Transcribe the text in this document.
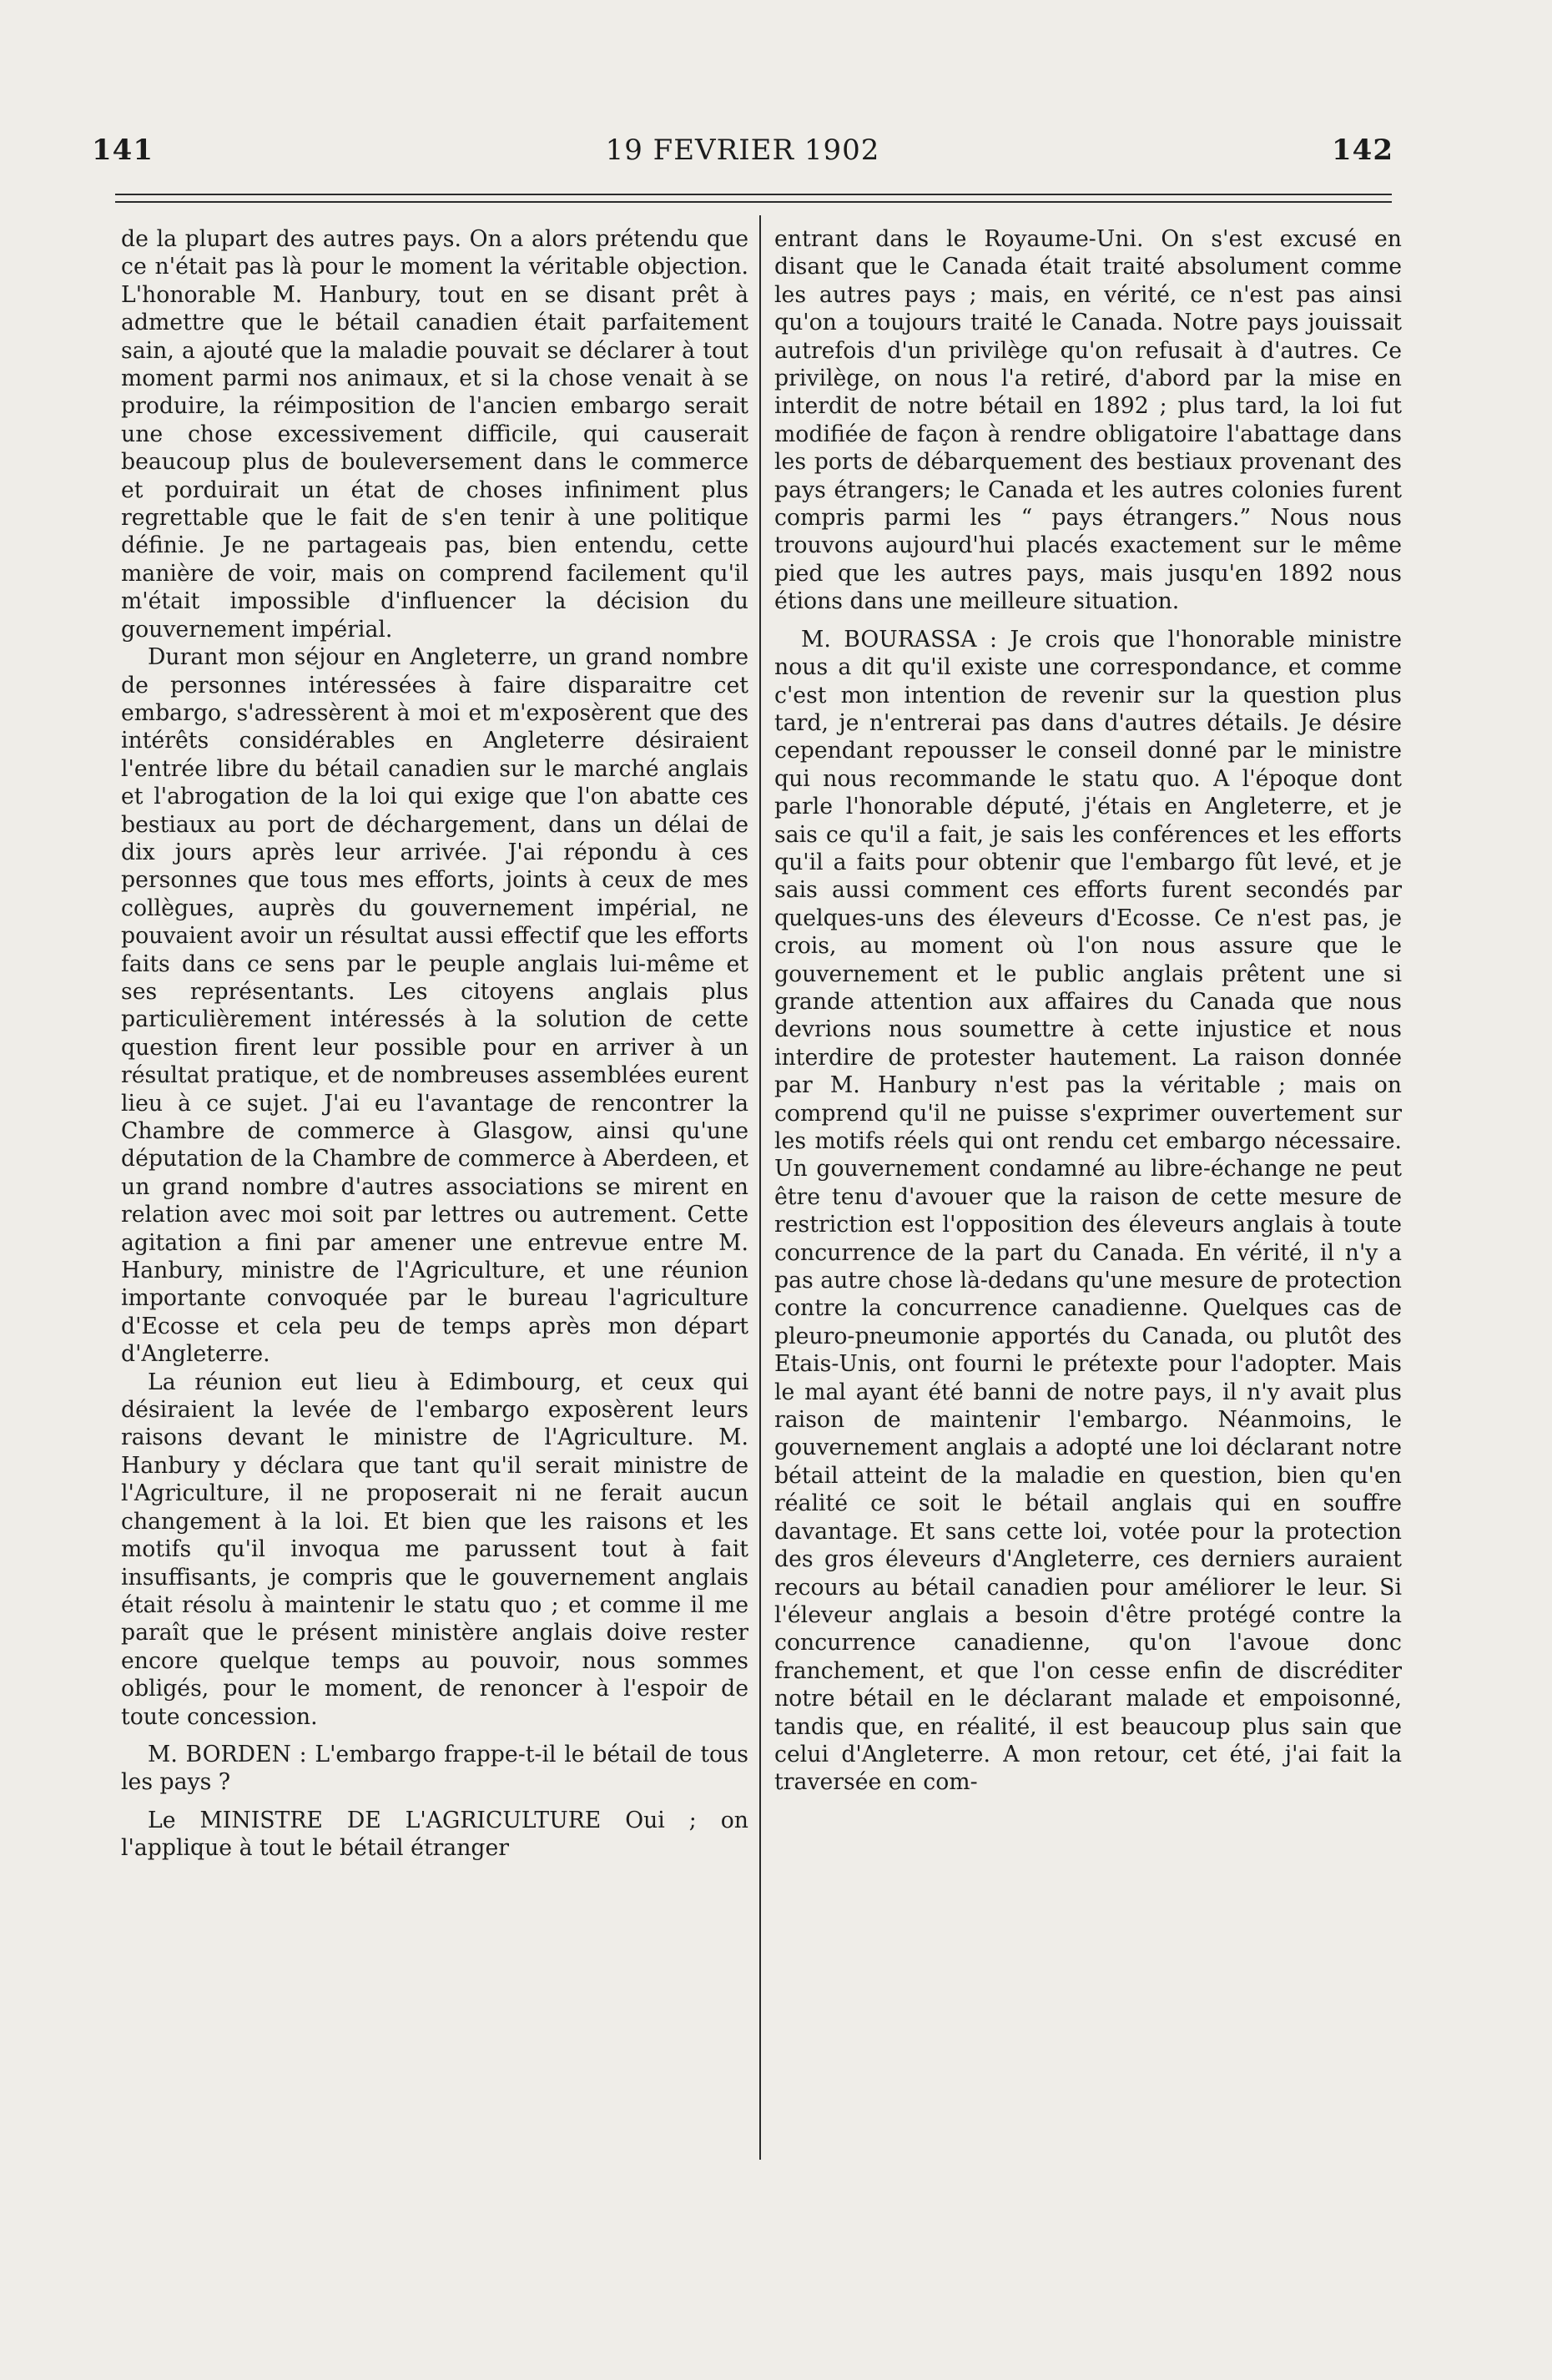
141	19 FEVRIER 1902	142

de la plupart des autres pays. On a alors prétendu que ce n'était pas là pour le moment la véritable objection. L'honorable M. Hanbury, tout en se disant prêt à admettre que le bétail canadien était parfaitement sain, a ajouté que la maladie pouvait se déclarer à tout moment parmi nos animaux, et si la chose venait à se produire, la réimposition de l'ancien embargo serait une chose excessivement difficile, qui causerait beaucoup plus de bouleversement dans le commerce et porduirait un état de choses infiniment plus regrettable que le fait de s'en tenir à une politique définie. Je ne partageais pas, bien entendu, cette manière de voir, mais on comprend facilement qu'il m'était impossible d'influencer la décision du gouvernement impérial.

Durant mon séjour en Angleterre, un grand nombre de personnes intéressées à faire disparaitre cet embargo, s'adressèrent à moi et m'exposèrent que des intérêts considérables en Angleterre désiraient l'entrée libre du bétail canadien sur le marché anglais et l'abrogation de la loi qui exige que l'on abatte ces bestiaux au port de déchargement, dans un délai de dix jours après leur arrivée. J'ai répondu à ces personnes que tous mes efforts, joints à ceux de mes collègues, auprès du gouvernement impérial, ne pouvaient avoir un résultat aussi effectif que les efforts faits dans ce sens par le peuple anglais lui-même et ses représentants. Les citoyens anglais plus particulièrement intéressés à la solution de cette question firent leur possible pour en arriver à un résultat pratique, et de nombreuses assemblées eurent lieu à ce sujet. J'ai eu l'avantage de rencontrer la Chambre de commerce à Glasgow, ainsi qu'une députation de la Chambre de commerce à Aberdeen, et un grand nombre d'autres associations se mirent en relation avec moi soit par lettres ou autrement. Cette agitation a fini par amener une entrevue entre M. Hanbury, ministre de l'Agriculture, et une réunion importante convoquée par le bureau l'agriculture d'Ecosse et cela peu de temps après mon départ d'Angleterre.

La réunion eut lieu à Edimbourg, et ceux qui désiraient la levée de l'embargo exposèrent leurs raisons devant le ministre de l'Agriculture. M. Hanbury y déclara que tant qu'il serait ministre de l'Agriculture, il ne proposerait ni ne ferait aucun changement à la loi. Et bien que les raisons et les motifs qu'il invoqua me parussent tout à fait insuffisants, je compris que le gouvernement anglais était résolu à maintenir le statu quo ; et comme il me paraît que le présent ministère anglais doive rester encore quelque temps au pouvoir, nous sommes obligés, pour le moment, de renoncer à l'espoir de toute concession.

M. BORDEN : L'embargo frappe-t-il le bétail de tous les pays ?

Le MINISTRE DE L'AGRICULTURE Oui ; on l'applique à tout le bétail étranger

entrant dans le Royaume-Uni. On s'est excusé en disant que le Canada était traité absolument comme les autres pays ; mais, en vérité, ce n'est pas ainsi qu'on a toujours traité le Canada. Notre pays jouissait autrefois d'un privilège qu'on refusait à d'autres. Ce privilège, on nous l'a retiré, d'abord par la mise en interdit de notre bétail en 1892 ; plus tard, la loi fut modifiée de façon à rendre obligatoire l'abattage dans les ports de débarquement des bestiaux provenant des pays étrangers; le Canada et les autres colonies furent compris parmi les “ pays étrangers.” Nous nous trouvons aujourd'hui placés exactement sur le même pied que les autres pays, mais jusqu'en 1892 nous étions dans une meilleure situation.

M. BOURASSA : Je crois que l'honorable ministre nous a dit qu'il existe une correspondance, et comme c'est mon intention de revenir sur la question plus tard, je n'entrerai pas dans d'autres détails. Je désire cependant repousser le conseil donné par le ministre qui nous recommande le statu quo. A l'époque dont parle l'honorable député, j'étais en Angleterre, et je sais ce qu'il a fait, je sais les conférences et les efforts qu'il a faits pour obtenir que l'embargo fût levé, et je sais aussi comment ces efforts furent secondés par quelques-uns des éleveurs d'Ecosse. Ce n'est pas, je crois, au moment où l'on nous assure que le gouvernement et le public anglais prêtent une si grande attention aux affaires du Canada que nous devrions nous soumettre à cette injustice et nous interdire de protester hautement. La raison donnée par M. Hanbury n'est pas la véritable ; mais on comprend qu'il ne puisse s'exprimer ouvertement sur les motifs réels qui ont rendu cet embargo nécessaire. Un gouvernement condamné au libre-échange ne peut être tenu d'avouer que la raison de cette mesure de restriction est l'opposition des éleveurs anglais à toute concurrence de la part du Canada. En vérité, il n'y a pas autre chose là-dedans qu'une mesure de protection contre la concurrence canadienne. Quelques cas de pleuro-pneumonie apportés du Canada, ou plutôt des Etais-Unis, ont fourni le prétexte pour l'adopter. Mais le mal ayant été banni de notre pays, il n'y avait plus raison de maintenir l'embargo. Néanmoins, le gouvernement anglais a adopté une loi déclarant notre bétail atteint de la maladie en question, bien qu'en réalité ce soit le bétail anglais qui en souffre davantage. Et sans cette loi, votée pour la protection des gros éleveurs d'Angleterre, ces derniers auraient recours au bétail canadien pour améliorer le leur. Si l'éleveur anglais a besoin d'être protégé contre la concurrence canadienne, qu'on l'avoue donc franchement, et que l'on cesse enfin de discréditer notre bétail en le déclarant malade et empoisonné, tandis que, en réalité, il est beaucoup plus sain que celui d'Angleterre. A mon retour, cet été, j'ai fait la traversée en com-
